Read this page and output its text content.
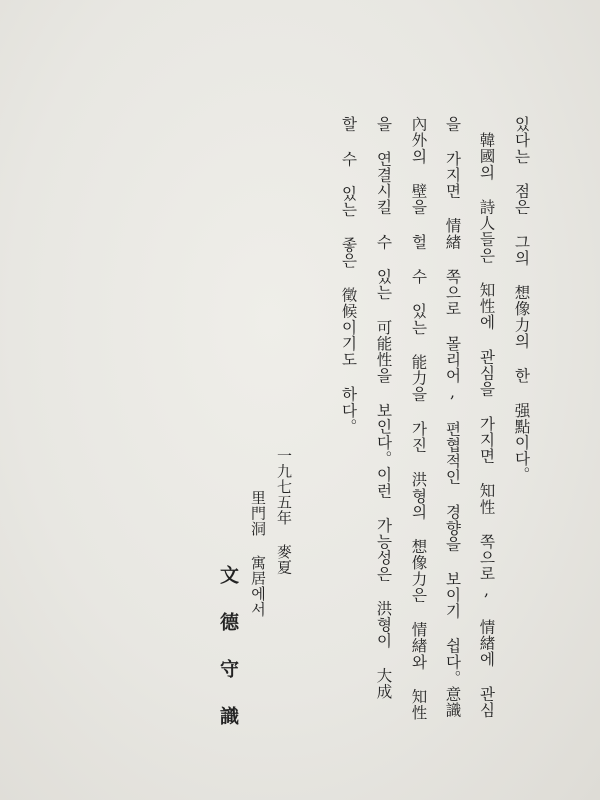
있다는 점은 그의 想像力의 한 强點이다。
韓國의 詩人들은 知性에 관심을 가지면 知性 쪽으로, 情緖에 관심
을 가지면 情緖 쪽으로 몰리어, 편협적인 경향을 보이기 쉽다。意識
內外의 壁을 헐 수 있는 能力을 가진 洪형의 想像力은 情緖와 知性
을 연결시킬 수 있는 可能性을 보인다。이런 가능성은 洪형이 大成
할 수 있는 좋은 徵候이기도 하다。
一九七五年 麥夏
里門洞 寓居에서
文 德 守 識
